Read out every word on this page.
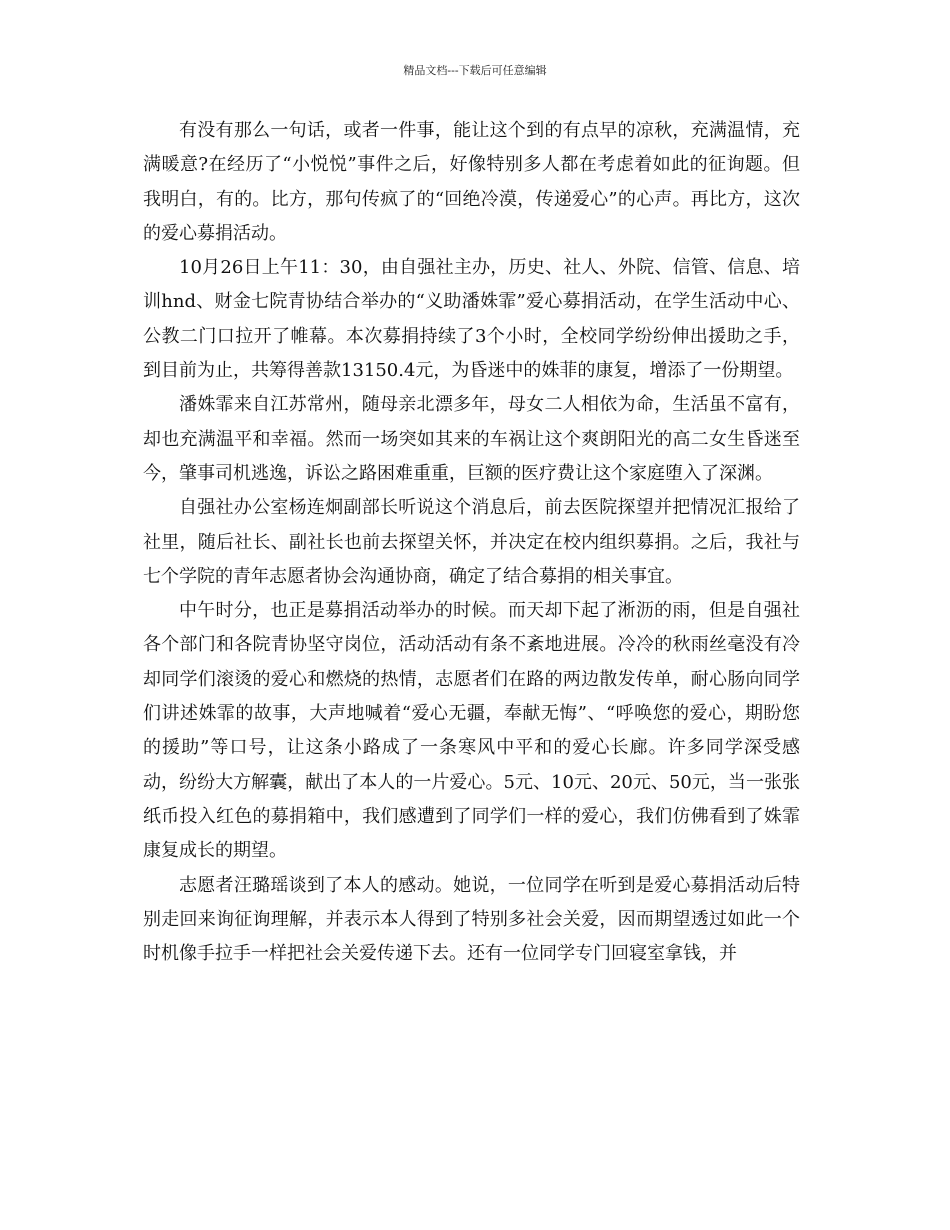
精品文档---下载后可任意编辑

有没有那么一句话，或者一件事，能让这个到的有点早的凉秋，充满温情，充满暖意?在经历了“小悦悦”事件之后，好像特别多人都在考虑着如此的征询题。但我明白，有的。比方，那句传疯了的“回绝冷漠，传递爱心”的心声。再比方，这次的爱心募捐活动。

10月26日上午11：30，由自强社主办，历史、社人、外院、信管、信息、培训hnd、财金七院青协结合举办的“义助潘姝霏”爱心募捐活动，在学生活动中心、公教二门口拉开了帷幕。本次募捐持续了3个小时，全校同学纷纷伸出援助之手，到目前为止，共筹得善款13150.4元，为昏迷中的姝菲的康复，增添了一份期望。

潘姝霏来自江苏常州，随母亲北漂多年，母女二人相依为命，生活虽不富有，却也充满温平和幸福。然而一场突如其来的车祸让这个爽朗阳光的高二女生昏迷至今，肇事司机逃逸，诉讼之路困难重重，巨额的医疗费让这个家庭堕入了深渊。

自强社办公室杨连炯副部长听说这个消息后，前去医院探望并把情况汇报给了社里，随后社长、副社长也前去探望关怀，并决定在校内组织募捐。之后，我社与七个学院的青年志愿者协会沟通协商，确定了结合募捐的相关事宜。

中午时分，也正是募捐活动举办的时候。而天却下起了淅沥的雨，但是自强社各个部门和各院青协坚守岗位，活动活动有条不紊地进展。冷冷的秋雨丝毫没有冷却同学们滚烫的爱心和燃烧的热情，志愿者们在路的两边散发传单，耐心肠向同学们讲述姝霏的故事，大声地喊着“爱心无疆，奉献无悔”、“呼唤您的爱心，期盼您的援助”等口号，让这条小路成了一条寒风中平和的爱心长廊。许多同学深受感动，纷纷大方解囊，献出了本人的一片爱心。5元、10元、20元、50元，当一张张纸币投入红色的募捐箱中，我们感遭到了同学们一样的爱心，我们仿佛看到了姝霏康复成长的期望。

志愿者汪璐瑶谈到了本人的感动。她说，一位同学在听到是爱心募捐活动后特别走回来询征询理解，并表示本人得到了特别多社会关爱，因而期望透过如此一个时机像手拉手一样把社会关爱传递下去。还有一位同学专门回寝室拿钱，并
